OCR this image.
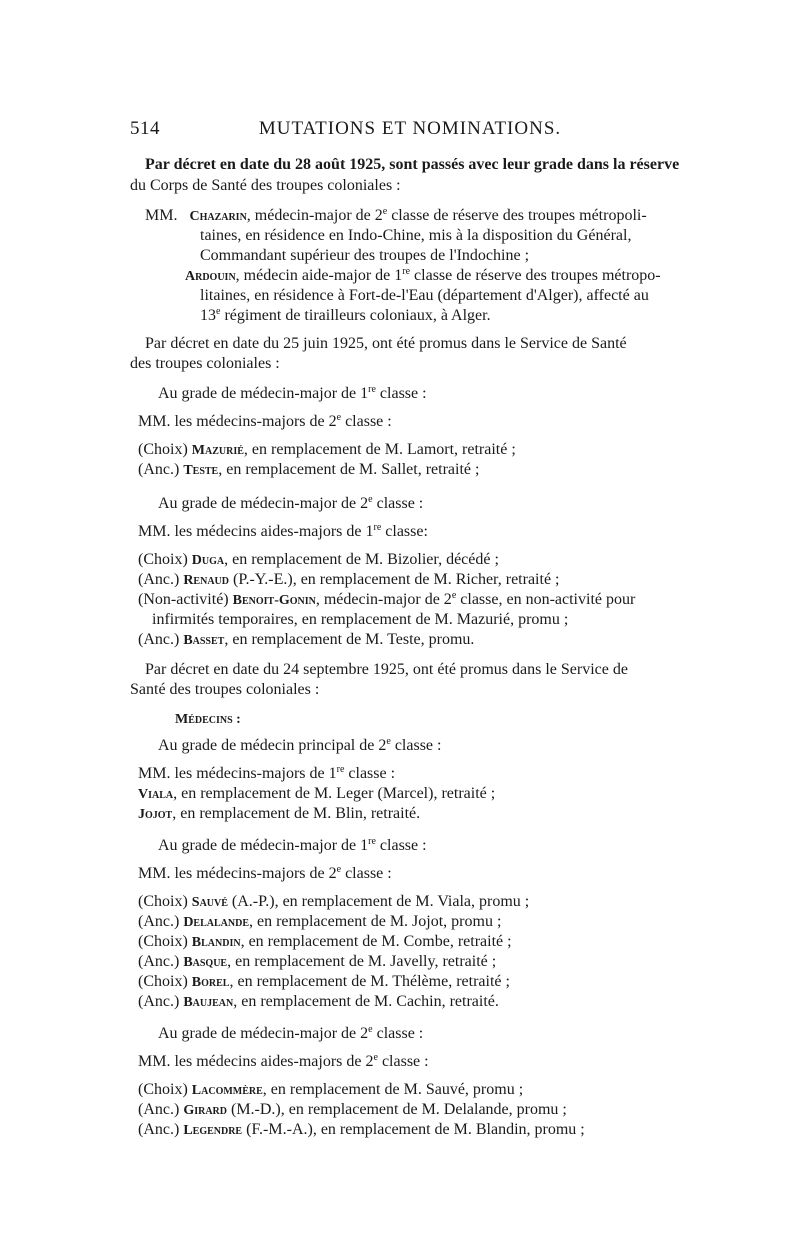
514	MUTATIONS ET NOMINATIONS.
Par décret en date du 28 août 1925, sont passés avec leur grade dans la réserve
du Corps de Santé des troupes coloniales :
MM. Chazarin, médecin-major de 2e classe de réserve des troupes métropoli-
taines, en résidence en Indo-Chine, mis à la disposition du Général,
Commandant supérieur des troupes de l'Indochine ;
Ardouin, médecin aide-major de 1re classe de réserve des troupes métropo-
litaines, en résidence à Fort-de-l'Eau (département d'Alger), affecté au
13e régiment de tirailleurs coloniaux, à Alger.
Par décret en date du 25 juin 1925, ont été promus dans le Service de Santé
des troupes coloniales :
Au grade de médecin-major de 1re classe :
MM. les médecins-majors de 2e classe :
(Choix) Mazurié, en remplacement de M. Lamort, retraité ;
(Anc.) Teste, en remplacement de M. Sallet, retraité ;
Au grade de médecin-major de 2e classe :
MM. les médecins aides-majors de 1re classe:
(Choix) Duga, en remplacement de M. Bizolier, décédé ;
(Anc.) Renaud (P.-Y.-E.), en remplacement de M. Richer, retraité ;
(Non-activité) Benoit-Gonin, médecin-major de 2e classe, en non-activité pour
infirmités temporaires, en remplacement de M. Mazurié, promu ;
(Anc.) Basset, en remplacement de M. Teste, promu.
Par décret en date du 24 septembre 1925, ont été promus dans le Service de
Santé des troupes coloniales :
Médecins :
Au grade de médecin principal de 2e classe :
MM. les médecins-majors de 1re classe :
Viala, en remplacement de M. Leger (Marcel), retraité ;
Jojot, en remplacement de M. Blin, retraité.
Au grade de médecin-major de 1re classe :
MM. les médecins-majors de 2e classe :
(Choix) Sauvé (A.-P.), en remplacement de M. Viala, promu ;
(Anc.) Delalande, en remplacement de M. Jojot, promu ;
(Choix) Blandin, en remplacement de M. Combe, retraité ;
(Anc.) Basque, en remplacement de M. Javelly, retraité ;
(Choix) Borel, en remplacement de M. Thélème, retraité ;
(Anc.) Baujean, en remplacement de M. Cachin, retraité.
Au grade de médecin-major de 2e classe :
MM. les médecins aides-majors de 2e classe :
(Choix) Lacommère, en remplacement de M. Sauvé, promu ;
(Anc.) Girard (M.-D.), en remplacement de M. Delalande, promu ;
(Anc.) Legendre (F.-M.-A.), en remplacement de M. Blandin, promu ;
